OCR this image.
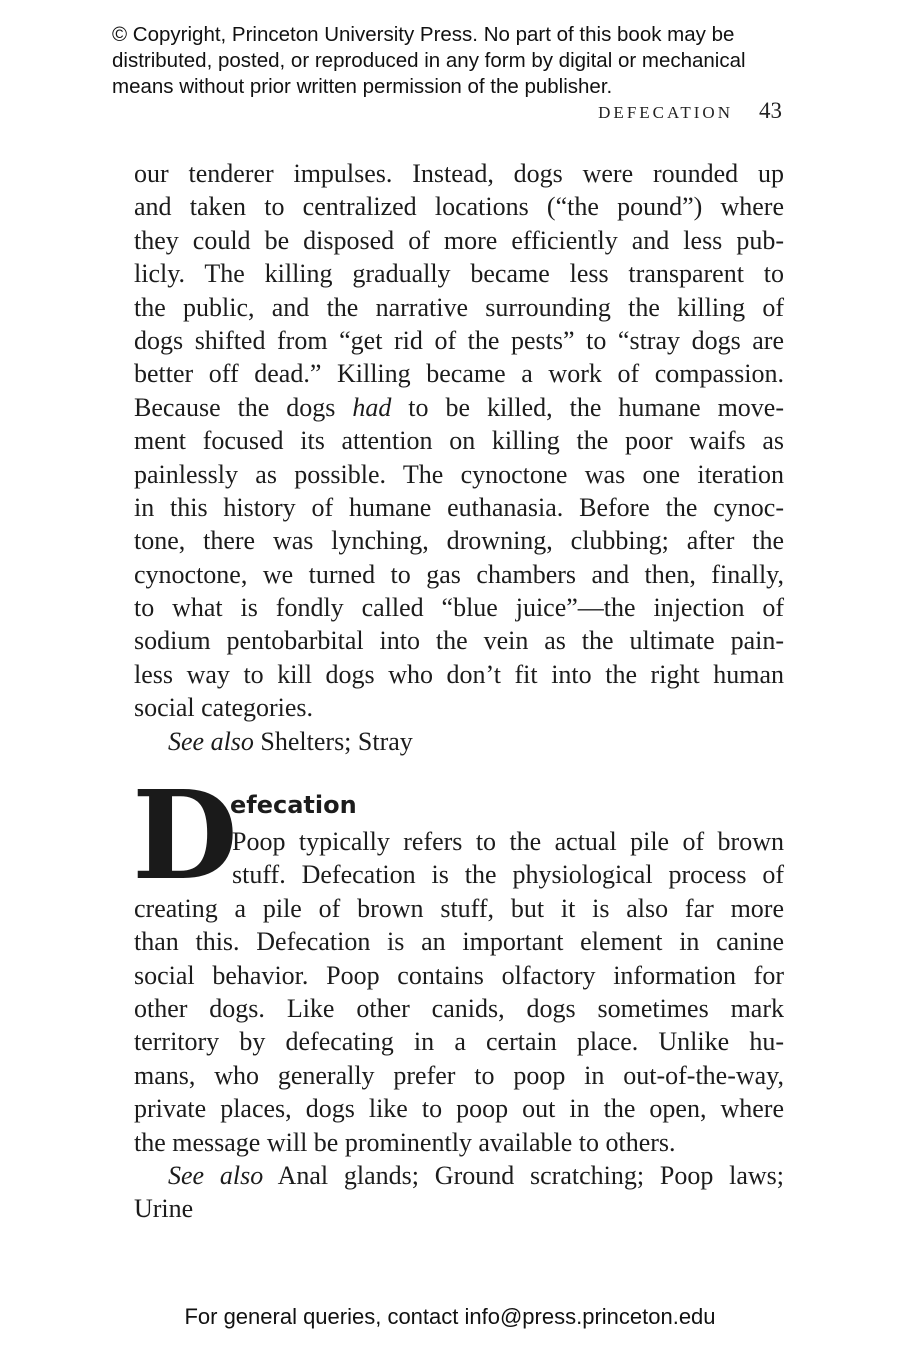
© Copyright, Princeton University Press. No part of this book may be distributed, posted, or reproduced in any form by digital or mechanical means without prior written permission of the publisher.
DEFECATION 43
our tenderer impulses. Instead, dogs were rounded up
and taken to centralized locations (“the pound”) where
they could be disposed of more efficiently and less pub-
licly. The killing gradually became less transparent to
the public, and the narrative surrounding the killing of
dogs shifted from “get rid of the pests” to “stray dogs are
better off dead.” Killing became a work of compassion.
Because the dogs had to be killed, the humane move-
ment focused its attention on killing the poor waifs as
painlessly as possible. The cynoctone was one iteration
in this history of humane euthanasia. Before the cynoc-
tone, there was lynching, drowning, clubbing; after the
cynoctone, we turned to gas chambers and then, finally,
to what is fondly called “blue juice”—the injection of
sodium pentobarbital into the vein as the ultimate pain-
less way to kill dogs who don’t fit into the right human
social categories.
See also Shelters; Stray
D
efecation
Poop typically refers to the actual pile of brown
stuff. Defecation is the physiological process of
creating a pile of brown stuff, but it is also far more
than this. Defecation is an important element in canine
social behavior. Poop contains olfactory information for
other dogs. Like other canids, dogs sometimes mark
territory by defecating in a certain place. Unlike hu-
mans, who generally prefer to poop in out-of-the-way,
private places, dogs like to poop out in the open, where
the message will be prominently available to others.
See also Anal glands; Ground scratching; Poop laws;
Urine
For general queries, contact info@press.princeton.edu
